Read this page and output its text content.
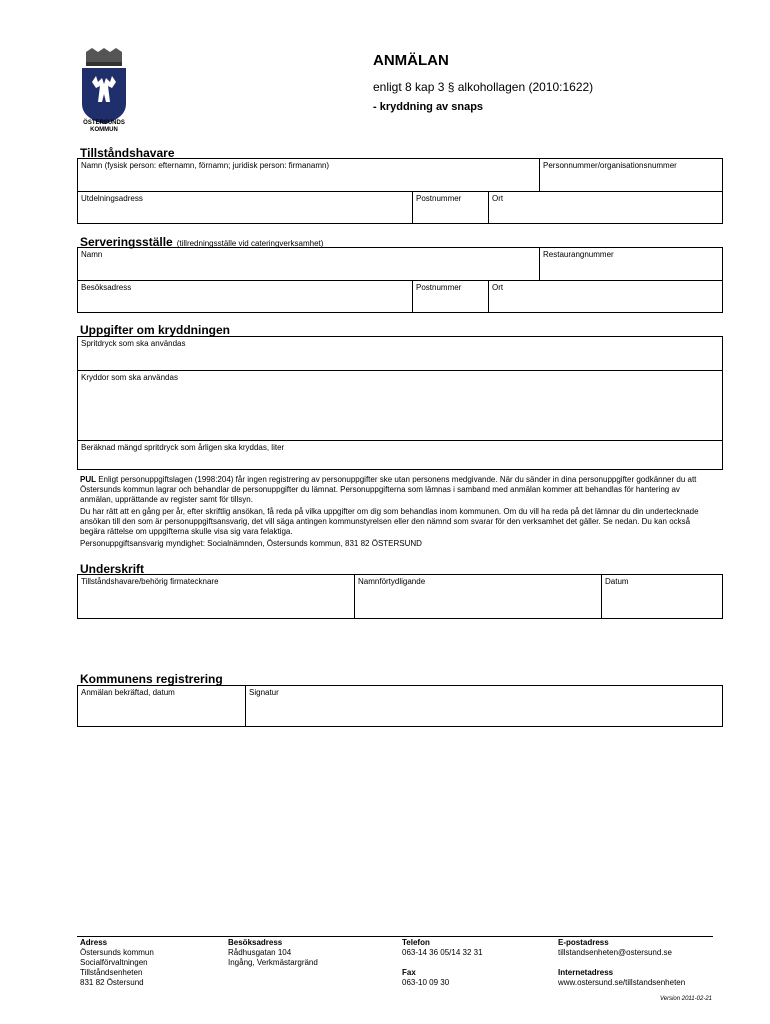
ÖSTERSUNDS
KOMMUN
ANMÄLAN
enligt 8 kap 3 § alkohollagen (2010:1622)
- kryddning av snaps
Tillståndshavare
Namn (fysisk person: efternamn, förnamn; juridisk person: firmanamn)	Personnummer/organisationsnummer
Utdelningsadress	Postnummer	Ort
Serveringsställe (tillredningsställe vid cateringverksamhet)
Namn	Restaurangnummer
Besöksadress	Postnummer	Ort
Uppgifter om kryddningen
Spritdryck som ska användas
Kryddor som ska användas
Beräknad mängd spritdryck som årligen ska kryddas, liter

PUL Enligt personuppgiftslagen (1998:204) får ingen registrering av personuppgifter ske utan personens medgivande. När du sänder in dina personuppgifter godkänner du att Östersunds kommun lagrar och behandlar de personuppgifter du lämnat. Personuppgifterna som lämnas i samband med anmälan kommer att behandlas för hantering av anmälan, upprättande av register samt för tillsyn.

Du har rätt att en gång per år, efter skriftlig ansökan, få reda på vilka uppgifter om dig som behandlas inom kommunen. Om du vill ha reda på det lämnar du din undertecknade ansökan till den som är personuppgiftsansvarig, det vill säga antingen kommunstyrelsen eller den nämnd som svarar för den verksamhet det gäller. Se nedan. Du kan också begära rättelse om uppgifterna skulle visa sig vara felaktiga.

Personuppgiftsansvarig myndighet: Socialnämnden, Östersunds kommun, 831 82 ÖSTERSUND

Underskrift
Tillståndshavare/behörig firmatecknare	Namnförtydligande	Datum
Kommunens registrering
Anmälan bekräftad, datum	Signatur
Adress
Östersunds kommun
Socialförvaltningen
Tillståndsenheten
831 82 Östersund
Besöksadress
Rådhusgatan 104
Ingång, Verkmästargränd
Telefon
063-14 36 05/14 32 31
Fax
063-10 09 30
E-postadress
tillstandsenheten@ostersund.se
Internetadress
www.ostersund.se/tillstandsenheten
Version 2011-02-21
